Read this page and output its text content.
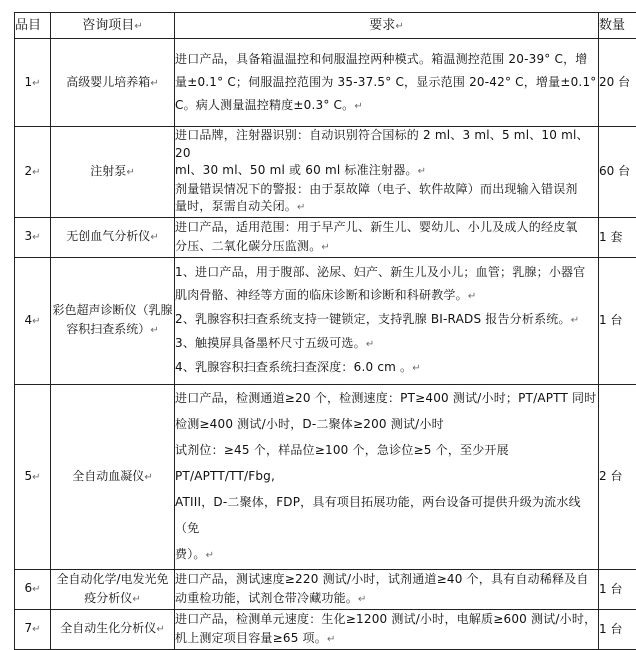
品目	咨询项目↵	要求↵	数量
1↵	高级婴儿培养箱↵	进口产品，具备箱温温控和伺服温控两种模式。箱温测控范围 20-39° C，增
量±0.1° C；伺服温控范围为 35-37.5° C，显示范围 20-42° C，增量±0.1°
C。病人测量温控精度±0.3° C。↵	20 台
2↵	注射泵↵	进口品牌，注射器识别：自动识别符合国标的 2 ml、3 ml、5 ml、10 ml、20
ml、30 ml、50 ml 或 60 ml 标准注射器。↵
剂量错误情况下的警报：由于泵故障（电子、软件故障）而出现输入错误剂
量时，泵需自动关闭。↵	60 台
3↵	无创血气分析仪↵	进口产品，适用范围：用于早产儿、新生儿、婴幼儿、小儿及成人的经皮氧
分压、二氧化碳分压监测。↵	1 套
4↵	彩色超声诊断仪（乳腺容积扫查系统）↵	1、进口产品，用于腹部、泌尿、妇产、新生儿及小儿；血管；乳腺；小器官
肌肉骨骼、神经等方面的临床诊断和诊断和科研教学。↵
2、乳腺容积扫查系统支持一键锁定，支持乳腺 BI-RADS 报告分析系统。↵
3、触摸屏具备墨杯尺寸五级可选。↵
4、乳腺容积扫查系统扫查深度：6.0 cm 。↵	1 台
5↵	全自动血凝仪↵	进口产品，检测通道≥20 个，检测速度：PT≥400 测试/小时；PT/APTT 同时
检测≥400 测试/小时，D-二聚体≥200 测试/小时
试剂位：≥45 个，样品位≥100 个，急诊位≥5 个，至少开展 PT/APTT/TT/Fbg,
ATIII，D-二聚体，FDP，具有项目拓展功能，两台设备可提供升级为流水线（免
费）。↵	2 台
6↵	全自动化学/电发光免疫分析仪↵	进口产品，测试速度≥220 测试/小时，试剂通道≥40 个，具有自动稀释及自
动重检功能，试剂仓带冷藏功能。↵	1 台
7↵	全自动生化分析仪↵	进口产品，检测单元速度：生化≥1200 测试/小时，电解质≥600 测试/小时，
机上测定项目容量≥65 项。↵	1 台
